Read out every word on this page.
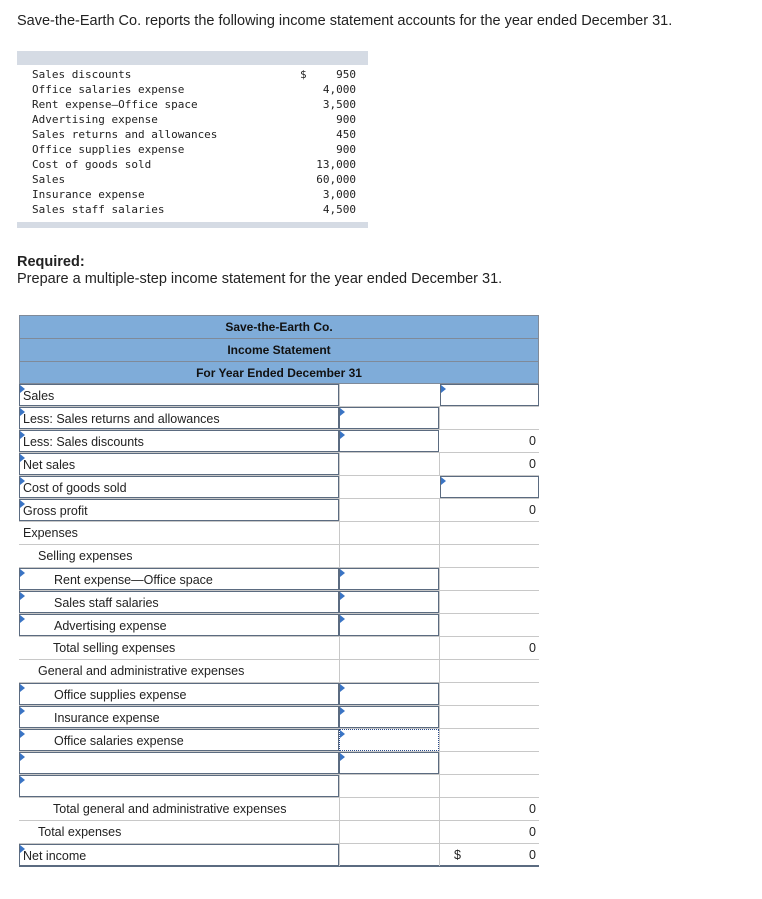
Save-the-Earth Co. reports the following income statement accounts for the year ended December 31.
Sales discounts	$	950
Office salaries expense	4,000
Rent expense—Office space	3,500
Advertising expense	900
Sales returns and allowances	450
Office supplies expense	900
Cost of goods sold	13,000
Sales	60,000
Insurance expense	3,000
Sales staff salaries	4,500
Required:
Prepare a multiple-step income statement for the year ended December 31.
Save-the-Earth Co.
Income Statement
For Year Ended December 31
Sales
Less: Sales returns and allowances
Less: Sales discounts	0
Net sales	0
Cost of goods sold
Gross profit	0
Expenses
Selling expenses
Rent expense—Office space
Sales staff salaries
Advertising expense
Total selling expenses	0
General and administrative expenses
Office supplies expense
Insurance expense
Office salaries expense
Total general and administrative expenses	0
Total expenses	0
Net income	$	0
